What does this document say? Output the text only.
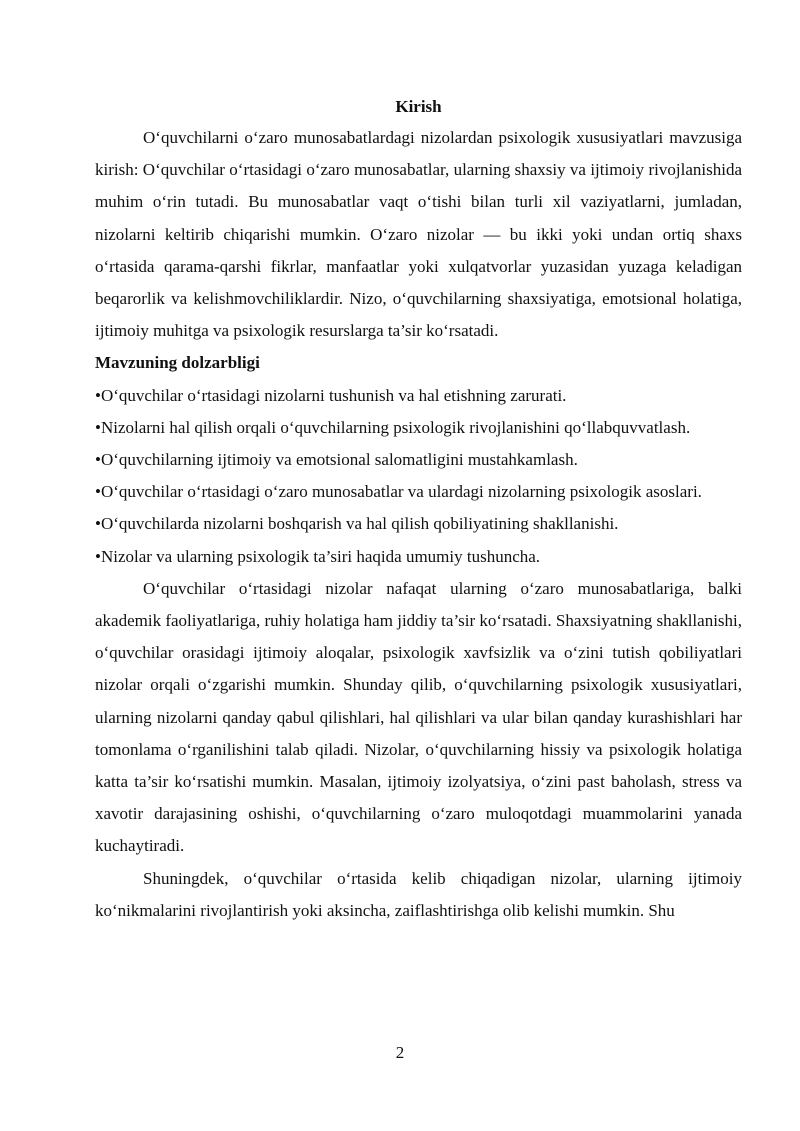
Kirish

O‘quvchilarni o‘zaro munosabatlardagi nizolardan psixologik xususiyatlari mavzusiga kirish: O‘quvchilar o‘rtasidagi o‘zaro munosabatlar, ularning shaxsiy va ijtimoiy rivojlanishida muhim o‘rin tutadi. Bu munosabatlar vaqt o‘tishi bilan turli xil vaziyatlarni, jumladan, nizolarni keltirib chiqarishi mumkin. O‘zaro nizolar — bu ikki yoki undan ortiq shaxs o‘rtasida qarama-qarshi fikrlar, manfaatlar yoki xulqatvorlar yuzasidan yuzaga keladigan beqarorlik va kelishmovchiliklardir. Nizo, o‘quvchilarning shaxsiyatiga, emotsional holatiga, ijtimoiy muhitga va psixologik resurslarga ta’sir ko‘rsatadi.

Mavzuning dolzarbligi
•O‘quvchilar o‘rtasidagi nizolarni tushunish va hal etishning zarurati.
•Nizolarni hal qilish orqali o‘quvchilarning psixologik rivojlanishini qo‘llabquvvatlash.
•O‘quvchilarning ijtimoiy va emotsional salomatligini mustahkamlash.
•O‘quvchilar o‘rtasidagi o‘zaro munosabatlar va ulardagi nizolarning psixologik asoslari.
•O‘quvchilarda nizolarni boshqarish va hal qilish qobiliyatining shakllanishi.
•Nizolar va ularning psixologik ta’siri haqida umumiy tushuncha.

O‘quvchilar o‘rtasidagi nizolar nafaqat ularning o‘zaro munosabatlariga, balki akademik faoliyatlariga, ruhiy holatiga ham jiddiy ta’sir ko‘rsatadi. Shaxsiyatning shakllanishi, o‘quvchilar orasidagi ijtimoiy aloqalar, psixologik xavfsizlik va o‘zini tutish qobiliyatlari nizolar orqali o‘zgarishi mumkin. Shunday qilib, o‘quvchilarning psixologik xususiyatlari, ularning nizolarni qanday qabul qilishlari, hal qilishlari va ular bilan qanday kurashishlari har tomonlama o‘rganilishini talab qiladi. Nizolar, o‘quvchilarning hissiy va psixologik holatiga katta ta’sir ko‘rsatishi mumkin. Masalan, ijtimoiy izolyatsiya, o‘zini past baholash, stress va xavotir darajasining oshishi, o‘quvchilarning o‘zaro muloqotdagi muammolarini yanada kuchaytiradi.

Shuningdek, o‘quvchilar o‘rtasida kelib chiqadigan nizolar, ularning ijtimoiy ko‘nikmalarini rivojlantirish yoki aksincha, zaiflashtirishga olib kelishi mumkin. Shu

2
